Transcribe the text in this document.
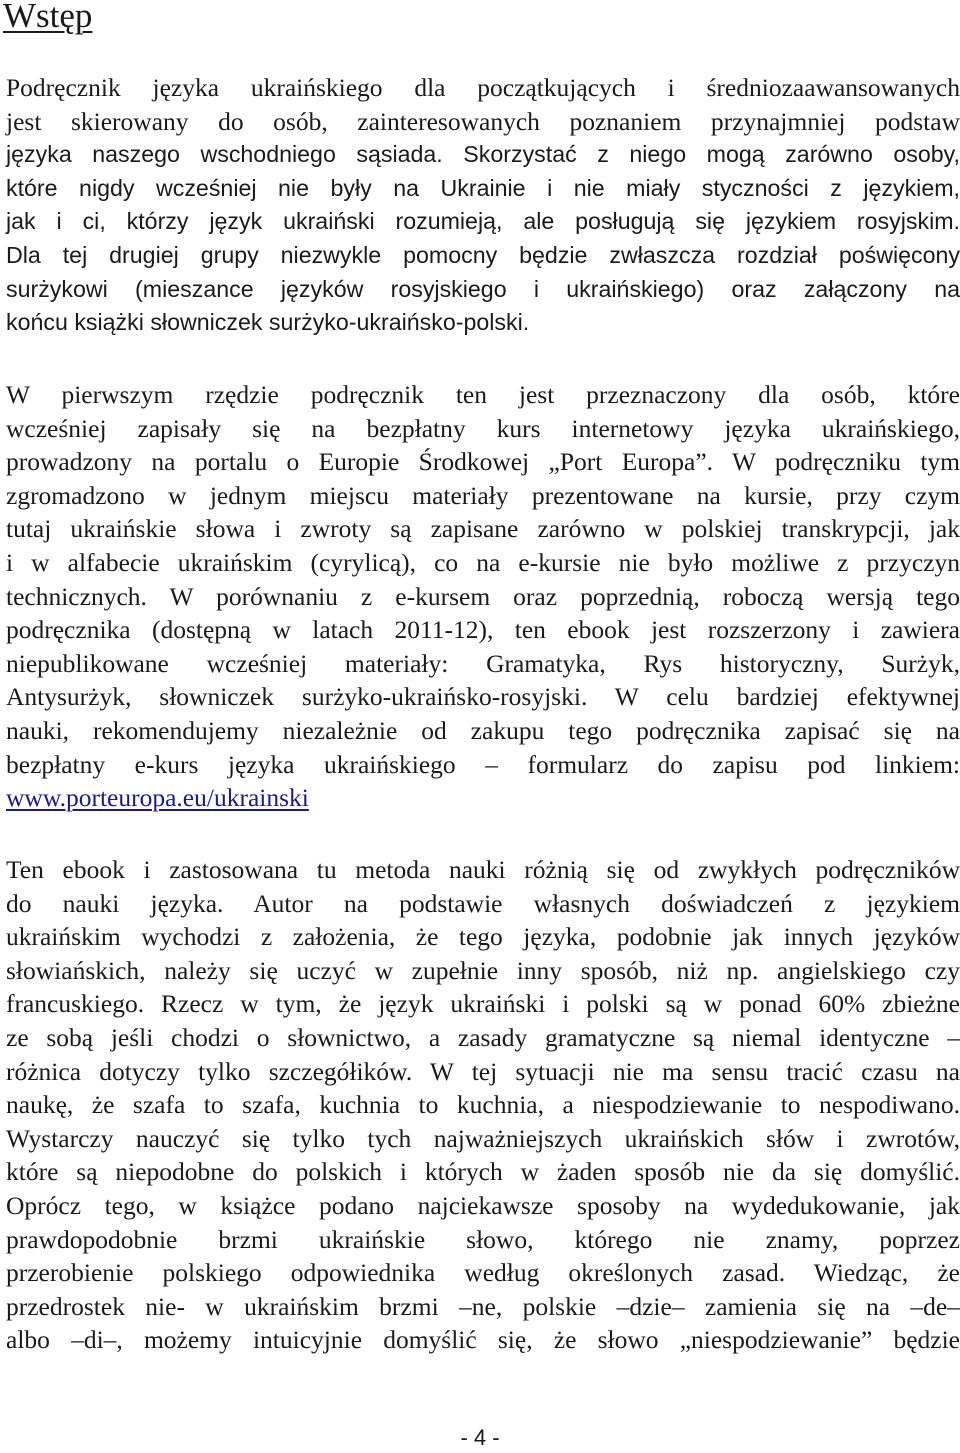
Wstęp
Podręcznik języka ukraińskiego dla początkujących i średniozaawansowanych
jest skierowany do osób, zainteresowanych poznaniem przynajmniej podstaw
języka naszego wschodniego sąsiada. Skorzystać z niego mogą zarówno osoby,
które nigdy wcześniej nie były na Ukrainie i nie miały styczności z językiem,
jak i ci, którzy język ukraiński rozumieją, ale posługują się językiem rosyjskim.
Dla tej drugiej grupy niezwykle pomocny będzie zwłaszcza rozdział poświęcony
surżykowi (mieszance języków rosyjskiego i ukraińskiego) oraz załączony na
końcu książki słowniczek surżyko-ukraińsko-polski.
W pierwszym rzędzie podręcznik ten jest przeznaczony dla osób, które
wcześniej zapisały się na bezpłatny kurs internetowy języka ukraińskiego,
prowadzony na portalu o Europie Środkowej „Port Europa”. W podręczniku tym
zgromadzono w jednym miejscu materiały prezentowane na kursie, przy czym
tutaj ukraińskie słowa i zwroty są zapisane zarówno w polskiej transkrypcji, jak
i w alfabecie ukraińskim (cyrylicą), co na e-kursie nie było możliwe z przyczyn
technicznych. W porównaniu z e-kursem oraz poprzednią, roboczą wersją tego
podręcznika (dostępną w latach 2011-12), ten ebook jest rozszerzony i zawiera
niepublikowane wcześniej materiały: Gramatyka, Rys historyczny, Surżyk,
Antysurżyk, słowniczek surżyko-ukraińsko-rosyjski. W celu bardziej efektywnej
nauki, rekomendujemy niezależnie od zakupu tego podręcznika zapisać się na
bezpłatny e-kurs języka ukraińskiego – formularz do zapisu pod linkiem:
www.porteuropa.eu/ukrainski
Ten ebook i zastosowana tu metoda nauki różnią się od zwykłych podręczników
do nauki języka. Autor na podstawie własnych doświadczeń z językiem
ukraińskim wychodzi z założenia, że tego języka, podobnie jak innych języków
słowiańskich, należy się uczyć w zupełnie inny sposób, niż np. angielskiego czy
francuskiego. Rzecz w tym, że język ukraiński i polski są w ponad 60% zbieżne
ze sobą jeśli chodzi o słownictwo, a zasady gramatyczne są niemal identyczne –
różnica dotyczy tylko szczegółików. W tej sytuacji nie ma sensu tracić czasu na
naukę, że szafa to szafa, kuchnia to kuchnia, a niespodziewanie to nespodiwano.
Wystarczy nauczyć się tylko tych najważniejszych ukraińskich słów i zwrotów,
które są niepodobne do polskich i których w żaden sposób nie da się domyślić.
Oprócz tego, w książce podano najciekawsze sposoby na wydedukowanie, jak
prawdopodobnie brzmi ukraińskie słowo, którego nie znamy, poprzez
przerobienie polskiego odpowiednika według określonych zasad. Wiedząc, że
przedrostek nie- w ukraińskim brzmi –ne, polskie –dzie– zamienia się na –de–
albo –di–, możemy intuicyjnie domyślić się, że słowo „niespodziewanie” będzie
- 4 -
